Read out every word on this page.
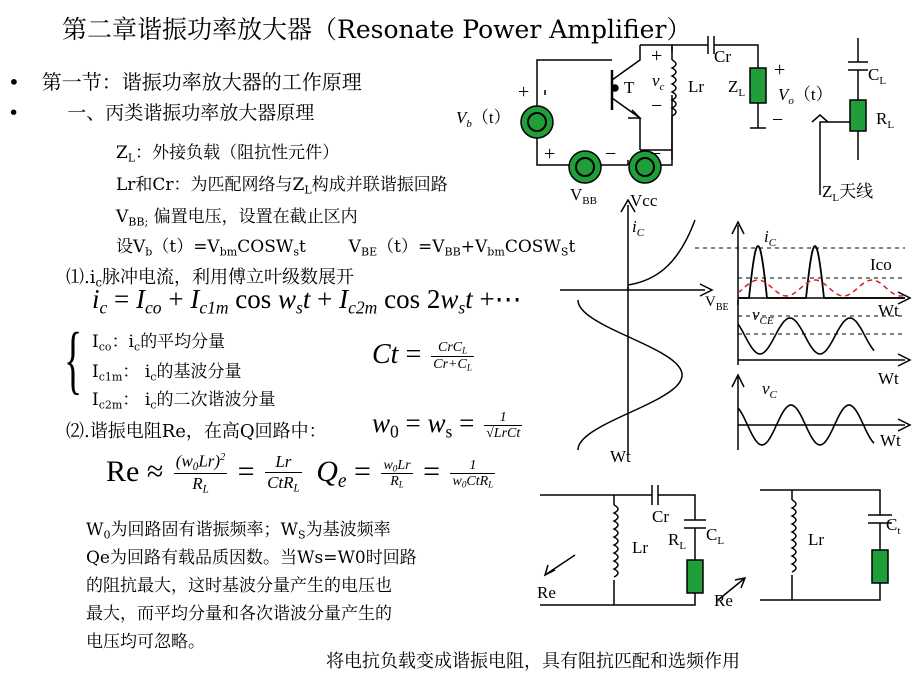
第二章谐振功率放大器（Resonate Power Amplifier）
• 第一节：谐振功率放大器的工作原理
•	一、丙类谐振功率放大器原理
$Z_L$：外接负载（阻抗性元件）
Lr和Cr：为匹配网络与$Z_L$构成并联谐振回路
$V_{BB;}$ 偏置电压，设置在截止区内
设$V_b(t)=V_{bm}COSW_st$	$V_{BE}(t)=V_{BB}+V_{bm}COSW_St$
$⑴.i_c$脉冲电流，利用傅立叶级数展开
$i_c = I_{co} + I_{c1m}$ $\cos w_st + I_{c2m}$ $\cos 2w_st$ +⋯
{ $I_{co}$：$i_c$的平均分量
$I_{c1m}$： $i_c$的基波分量
$I_{c2m}$： $i_c$的二次谐波分量
$Ct = \frac{CrC_L}{Cr+C_L}$
⑵.谐振电阻Re，在高Q回路中： $w_0 = w_s = \frac{1}{\text{√LrCt}}$
$Re \approx \frac{(w_0Lr)^2}{R_L} = \frac{Lr}{CtR_L} Q_e = \frac{w_0Lr}{R_L} = \frac{1}{w_0CtR_L}$
$W_0$为回路固有谐振频率；$W_S$为基波频率
Qe为回路有载品质因数。当Ws=W0时回路
的阻抗最大，这时基波分量产生的电压也
最大，而平均分量和各次谐波分量产生的
电压均可忽略。
将电抗负载变成谐振电阻，具有阻抗匹配和选频作用
+
+ − −
+
−
+
−
T $v_c$ Lr
Cr
$Z_L$ $V_o(t)$
$V_b(t)$
$V_{BB}$ Vcc
$C_L$
$R_L$
$Z_L$天线
$i_C$
$V_{BE}$
Wt
$i_C$
Ico
Wt
$v_{CE}$
Wt
$v_C$
Wt
Cr
$R_L$
$C_L$
Lr
Re	Re
Lr
$C_t$
